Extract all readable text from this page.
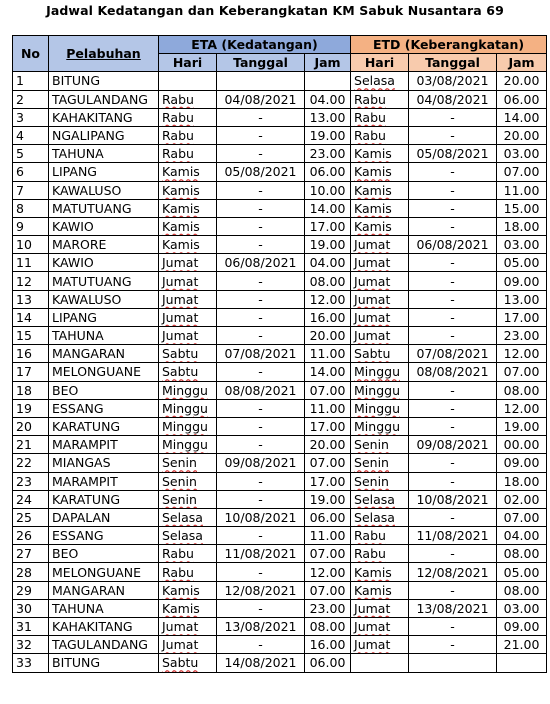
Jadwal Kedatangan dan Keberangkatan KM Sabuk Nusantara 69
No	Pelabuhan	ETA (Kedatangan)			ETD (Keberangkatan)		
		Hari	Tanggal	Jam	Hari	Tanggal	Jam
1	BITUNG				Selasa	03/08/2021	20.00
2	TAGULANDANG	Rabu	04/08/2021	04.00	Rabu	04/08/2021	06.00
3	KAHAKITANG	Rabu	-	13.00	Rabu	-	14.00
4	NGALIPANG	Rabu	-	19.00	Rabu	-	20.00
5	TAHUNA	Rabu	-	23.00	Kamis	05/08/2021	03.00
6	LIPANG	Kamis	05/08/2021	06.00	Kamis	-	07.00
7	KAWALUSO	Kamis	-	10.00	Kamis	-	11.00
8	MATUTUANG	Kamis	-	14.00	Kamis	-	15.00
9	KAWIO	Kamis	-	17.00	Kamis	-	18.00
10	MARORE	Kamis	-	19.00	Jumat	06/08/2021	03.00
11	KAWIO	Jumat	06/08/2021	04.00	Jumat	-	05.00
12	MATUTUANG	Jumat	-	08.00	Jumat	-	09.00
13	KAWALUSO	Jumat	-	12.00	Jumat	-	13.00
14	LIPANG	Jumat	-	16.00	Jumat	-	17.00
15	TAHUNA	Jumat	-	20.00	Jumat	-	23.00
16	MANGARAN	Sabtu	07/08/2021	11.00	Sabtu	07/08/2021	12.00
17	MELONGUANE	Sabtu	-	14.00	Minggu	08/08/2021	07.00
18	BEO	Minggu	08/08/2021	07.00	Minggu	-	08.00
19	ESSANG	Minggu	-	11.00	Minggu	-	12.00
20	KARATUNG	Minggu	-	17.00	Minggu	-	19.00
21	MARAMPIT	Minggu	-	20.00	Senin	09/08/2021	00.00
22	MIANGAS	Senin	09/08/2021	07.00	Senin	-	09.00
23	MARAMPIT	Senin	-	17.00	Senin	-	18.00
24	KARATUNG	Senin	-	19.00	Selasa	10/08/2021	02.00
25	DAPALAN	Selasa	10/08/2021	06.00	Selasa	-	07.00
26	ESSANG	Selasa	-	11.00	Rabu	11/08/2021	04.00
27	BEO	Rabu	11/08/2021	07.00	Rabu	-	08.00
28	MELONGUANE	Rabu	-	12.00	Kamis	12/08/2021	05.00
29	MANGARAN	Kamis	12/08/2021	07.00	Kamis	-	08.00
30	TAHUNA	Kamis	-	23.00	Jumat	13/08/2021	03.00
31	KAHAKITANG	Jumat	13/08/2021	08.00	Jumat	-	09.00
32	TAGULANDANG	Jumat	-	16.00	Jumat	-	21.00
33	BITUNG	Sabtu	14/08/2021	06.00			
